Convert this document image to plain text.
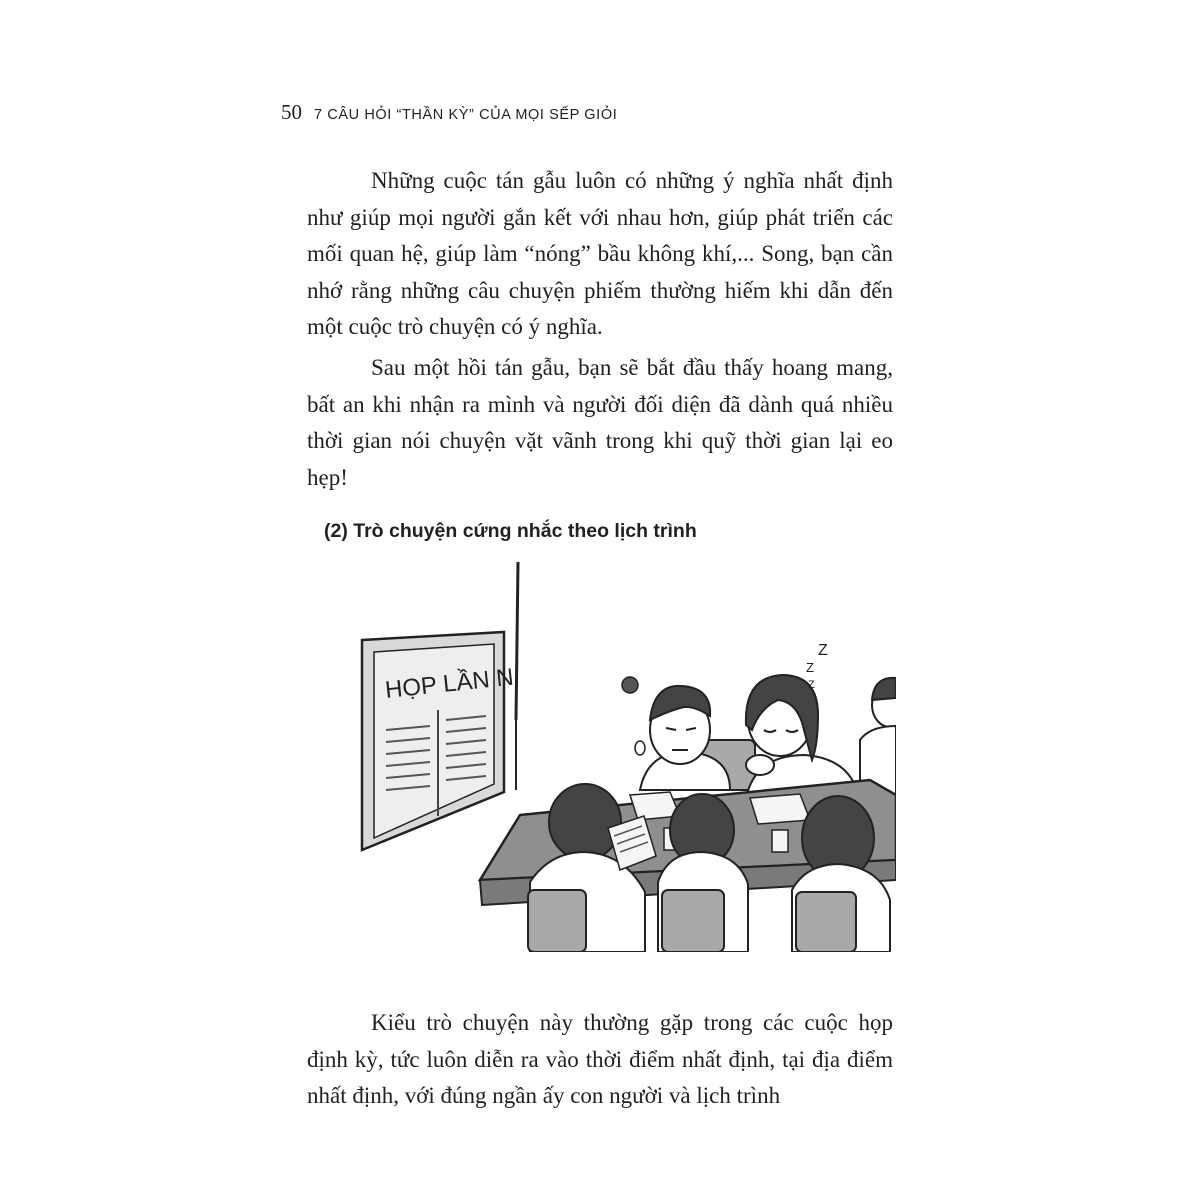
50 7 CÂU HỎI “THẦN KỲ” CỦA MỌI SẾP GIỎI

Những cuộc tán gẫu luôn có những ý nghĩa nhất định như giúp mọi người gắn kết với nhau hơn, giúp phát triển các mối quan hệ, giúp làm “nóng” bầu không khí,... Song, bạn cần nhớ rằng những câu chuyện phiếm thường hiếm khi dẫn đến một cuộc trò chuyện có ý nghĩa.

Sau một hồi tán gẫu, bạn sẽ bắt đầu thấy hoang mang, bất an khi nhận ra mình và người đối diện đã dành quá nhiều thời gian nói chuyện vặt vãnh trong khi quỹ thời gian lại eo hẹp!

(2) Trò chuyện cứng nhắc theo lịch trình
HỌP LẦN N
Z
Z
Z

Kiểu trò chuyện này thường gặp trong các cuộc họp định kỳ, tức luôn diễn ra vào thời điểm nhất định, tại địa điểm nhất định, với đúng ngần ấy con người và lịch trình
